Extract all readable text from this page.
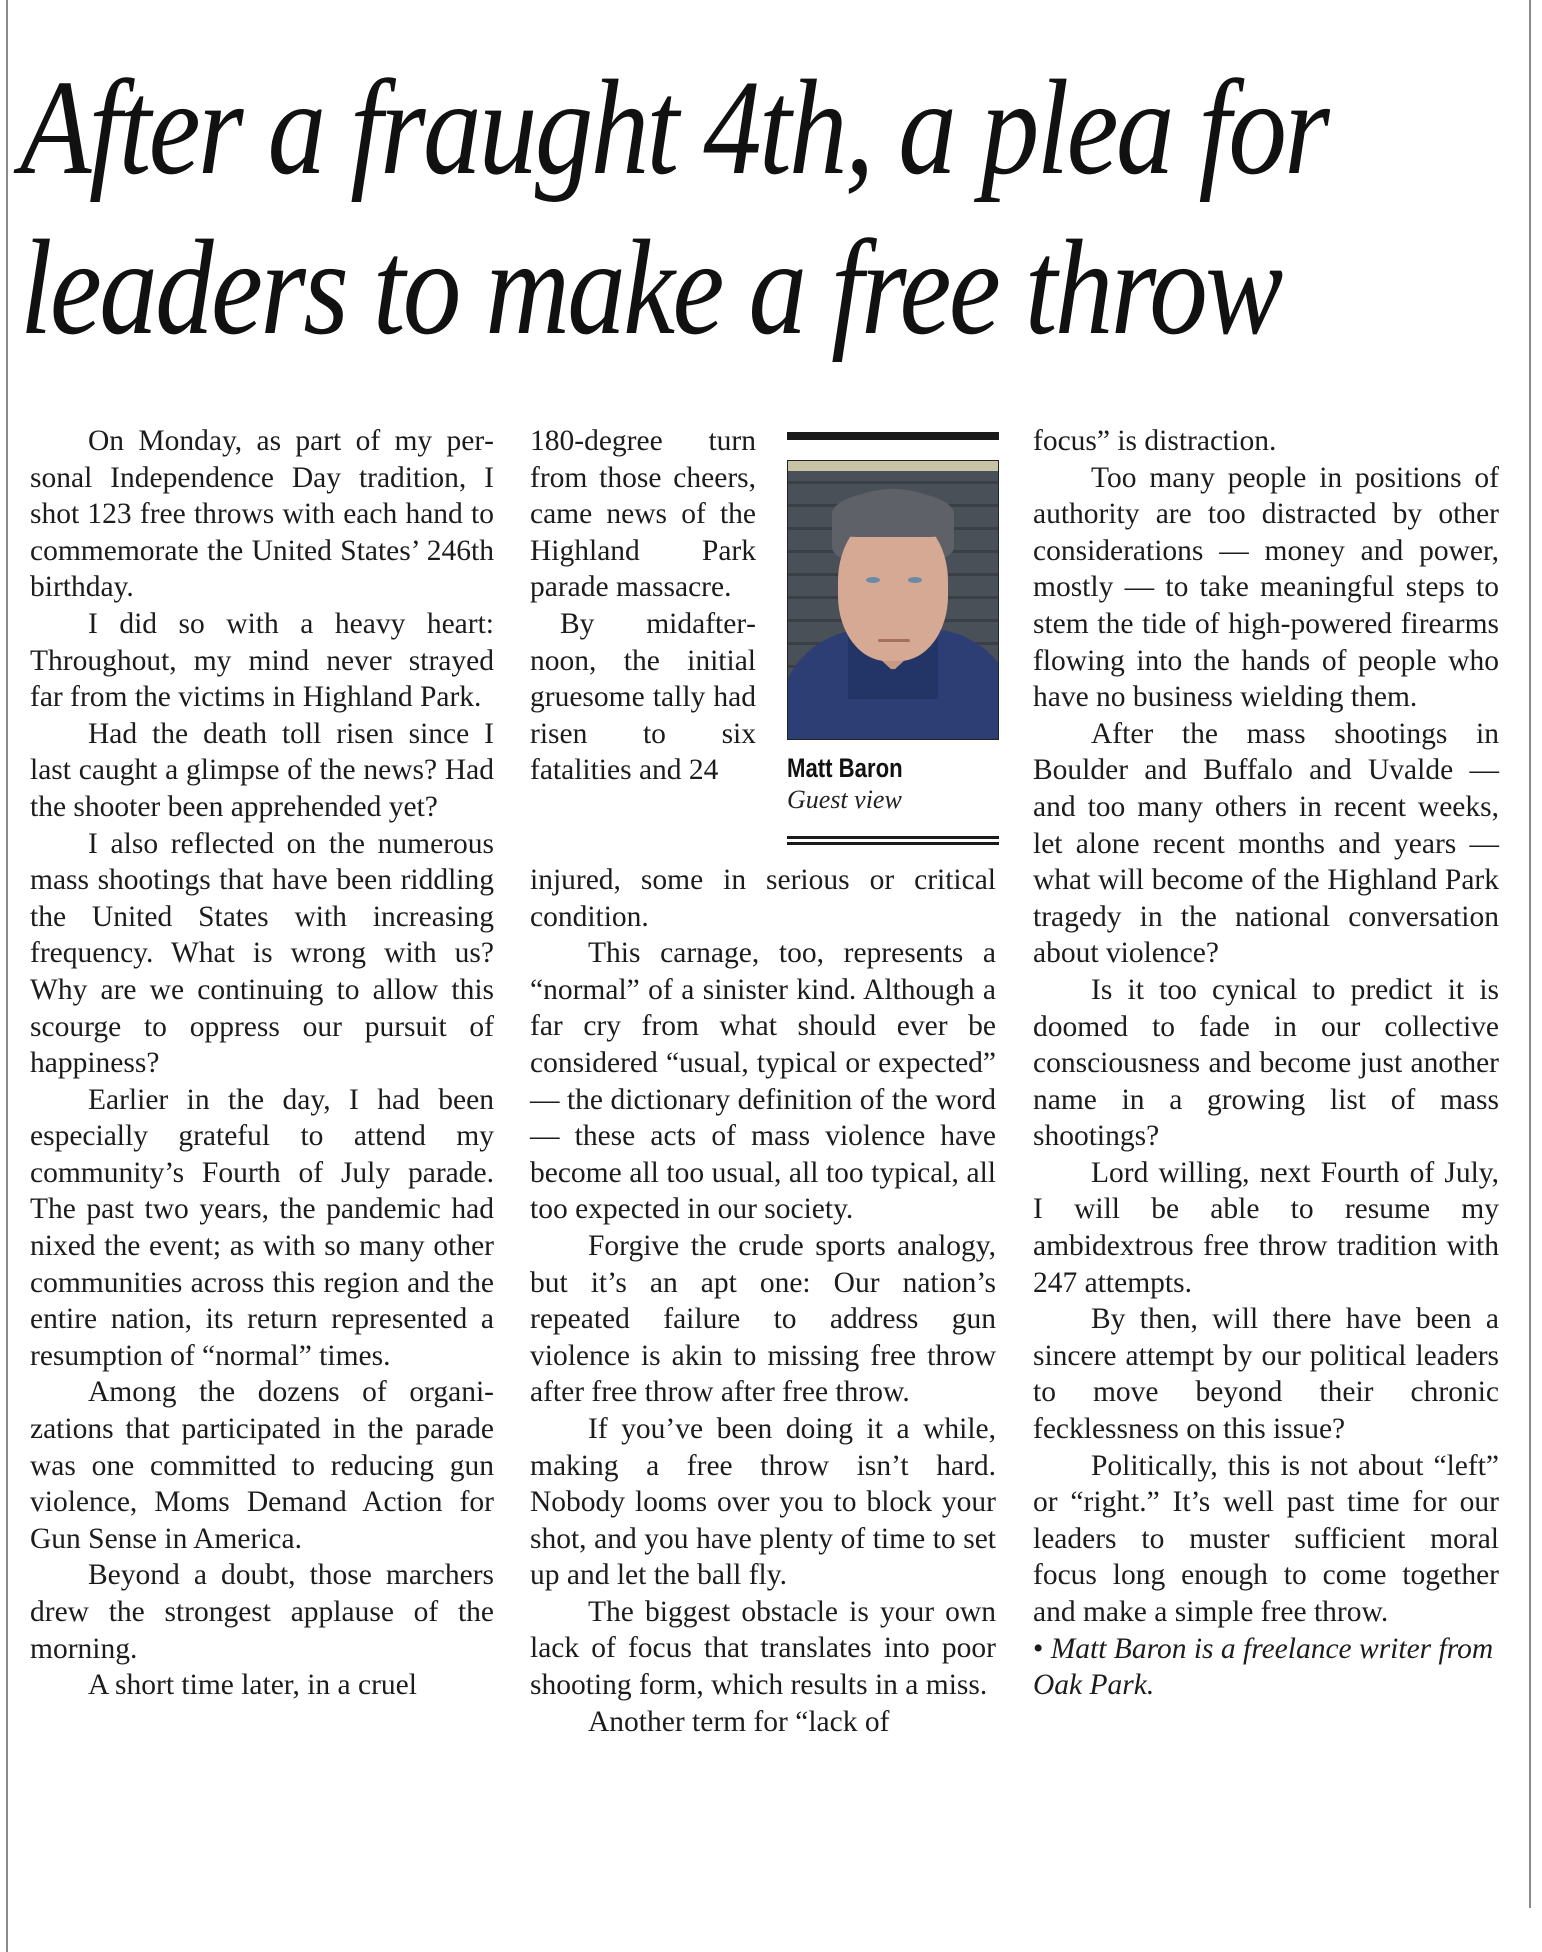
After a fraught 4th, a plea for
leaders to make a free throw

On Monday, as part of my personal Independence Day tradition, I shot 123 free throws with each hand to commemorate the United States’ 246th birthday.

I did so with a heavy heart: Throughout, my mind never strayed far from the victims in Highland Park.

Had the death toll risen since I last caught a glimpse of the news? Had the shooter been apprehended yet?

I also reflected on the numerous mass shootings that have been riddling the United States with increasing frequency. What is wrong with us? Why are we continuing to allow this scourge to oppress our pursuit of happiness?

Earlier in the day, I had been especially grateful to attend my community’s Fourth of July parade. The past two years, the pandemic had nixed the event; as with so many other communities across this region and the entire nation, its return represented a resumption of “normal” times.

Among the dozens of organizations that participated in the parade was one committed to reducing gun violence, Moms Demand Action for Gun Sense in America.

Beyond a doubt, those marchers drew the strongest applause of the morning.

A short time later, in a cruel

180-degree turn from those cheers, came news of the Highland Park parade massacre.

By midafternoon, the initial gruesome tally had risen to six fatalities and 24	Matt Baron
Guest view

injured, some in serious or critical condition.

This carnage, too, represents a “normal” of a sinister kind. Although a far cry from what should ever be considered “usual, typical or expected” — the dictionary definition of the word — these acts of mass violence have become all too usual, all too typical, all too expected in our society.

Forgive the crude sports analogy, but it’s an apt one: Our nation’s repeated failure to address gun violence is akin to missing free throw after free throw after free throw.

If you’ve been doing it a while, making a free throw isn’t hard. Nobody looms over you to block your shot, and you have plenty of time to set up and let the ball fly.

The biggest obstacle is your own lack of focus that translates into poor shooting form, which results in a miss.

Another term for “lack of

focus” is distraction.

Too many people in positions of authority are too distracted by other considerations — money and power, mostly — to take meaningful steps to stem the tide of high-powered firearms flowing into the hands of people who have no business wielding them.

After the mass shootings in Boulder and Buffalo and Uvalde — and too many others in recent weeks, let alone recent months and years — what will become of the Highland Park tragedy in the national conversation about violence?

Is it too cynical to predict it is doomed to fade in our collective consciousness and become just another name in a growing list of mass shootings?

Lord willing, next Fourth of July, I will be able to resume my ambidextrous free throw tradition with 247 attempts.

By then, will there have been a sincere attempt by our political leaders to move beyond their chronic fecklessness on this issue?

Politically, this is not about “left” or “right.” It’s well past time for our leaders to muster sufficient moral focus long enough to come together and make a simple free throw.

• Matt Baron is a freelance writer from Oak Park.
